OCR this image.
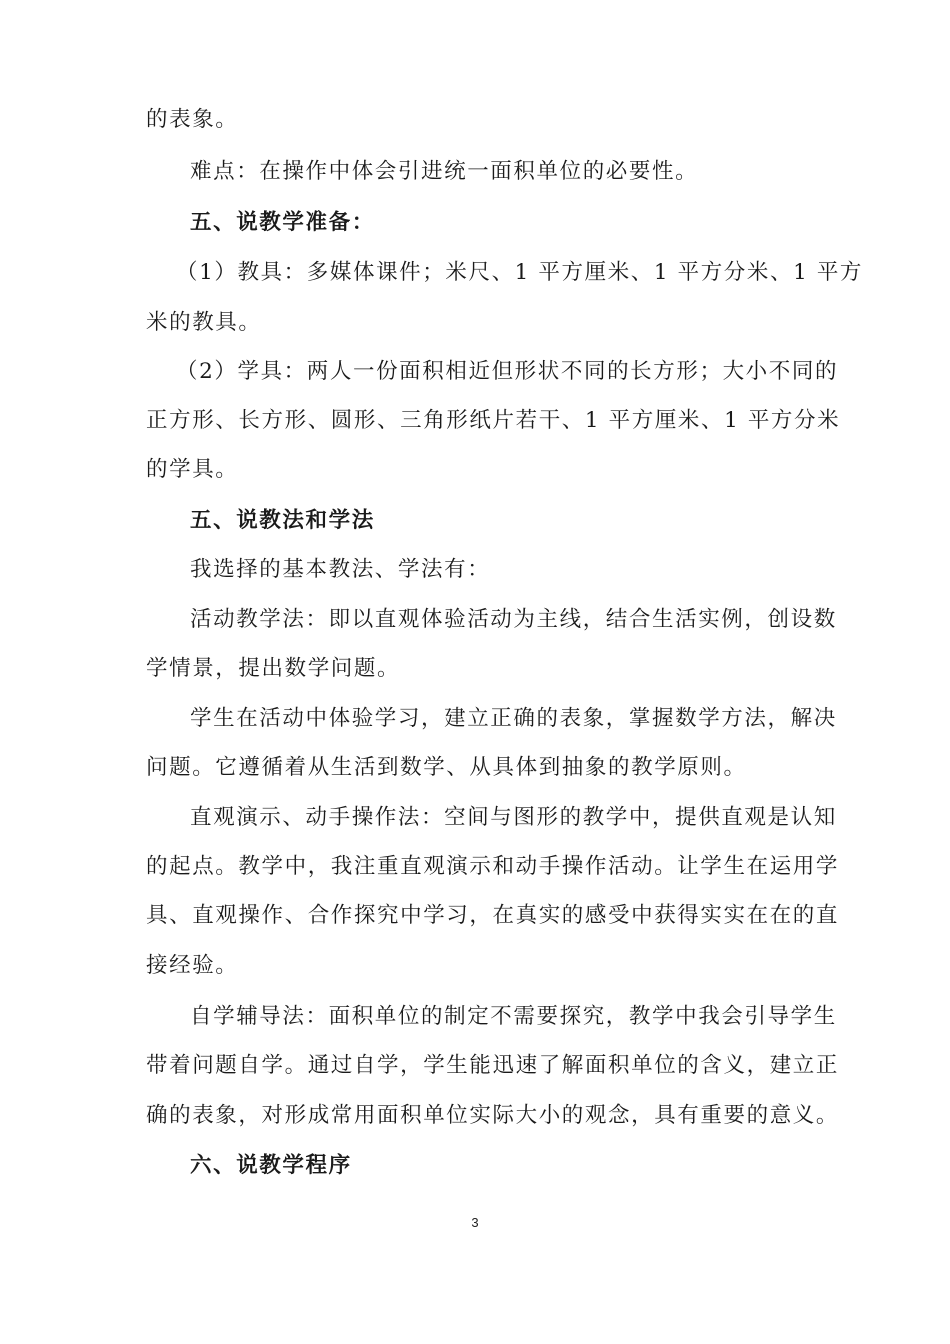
的表象。
难点：在操作中体会引进统一面积单位的必要性。
五、说教学准备：
（1）教具：多媒体课件；米尺、1 平方厘米、1 平方分米、1 平方
米的教具。
（2）学具：两人一份面积相近但形状不同的长方形；大小不同的
正方形、长方形、圆形、三角形纸片若干、1 平方厘米、1 平方分米
的学具。
五、说教法和学法
我选择的基本教法、学法有：
活动教学法：即以直观体验活动为主线，结合生活实例，创设数
学情景，提出数学问题。
学生在活动中体验学习，建立正确的表象，掌握数学方法，解决
问题。它遵循着从生活到数学、从具体到抽象的教学原则。
直观演示、动手操作法：空间与图形的教学中，提供直观是认知
的起点。教学中，我注重直观演示和动手操作活动。让学生在运用学
具、直观操作、合作探究中学习，在真实的感受中获得实实在在的直
接经验。
自学辅导法：面积单位的制定不需要探究，教学中我会引导学生
带着问题自学。通过自学，学生能迅速了解面积单位的含义，建立正
确的表象，对形成常用面积单位实际大小的观念，具有重要的意义。
六、说教学程序
3
